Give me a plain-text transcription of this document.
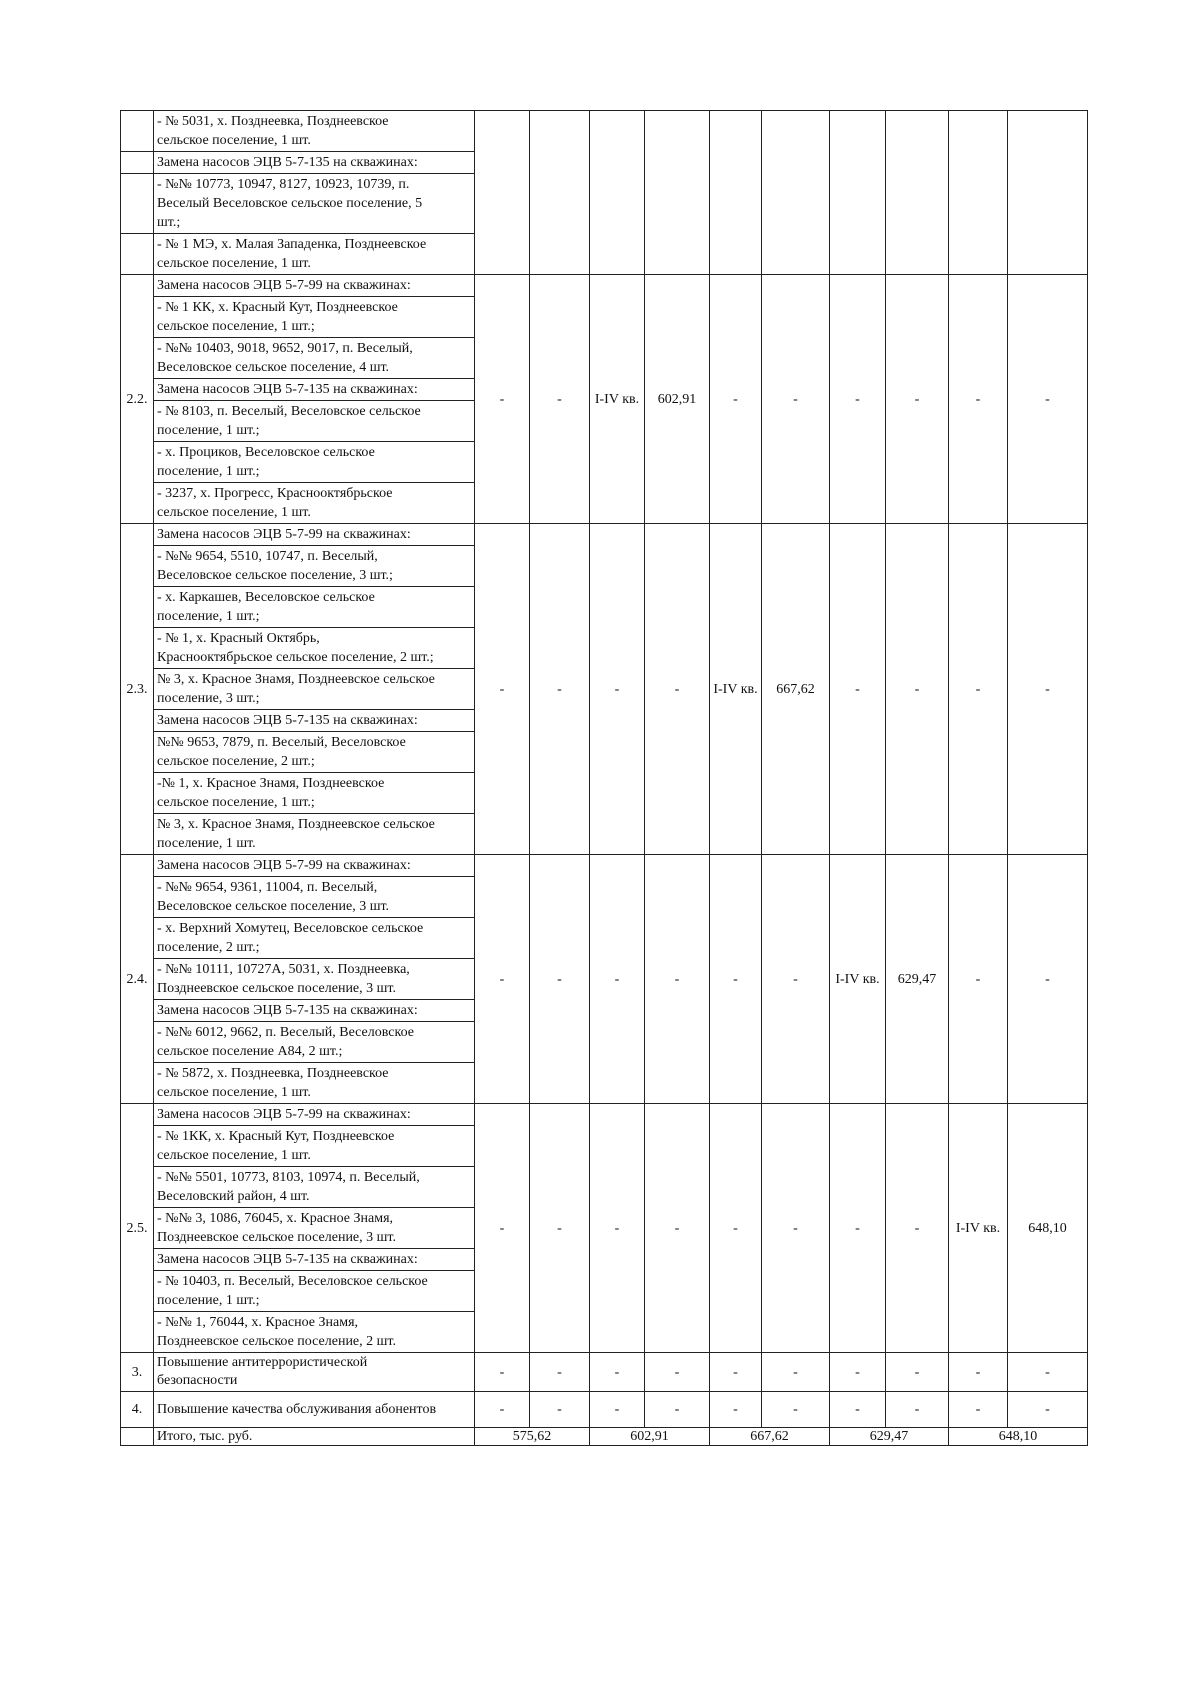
	- № 5031, х. Позднеевка, Позднеевское
сельское поселение, 1 шт.										
	Замена насосов ЭЦВ 5-7-135 на скважинах:										
	- №№ 10773, 10947, 8127, 10923, 10739, п.
Веселый Веселовское сельское поселение, 5
шт.;										
	- № 1 МЭ, х. Малая Западенка, Позднеевское
сельское поселение, 1 шт.										
2.2.	Замена насосов ЭЦВ 5-7-99 на скважинах:	-	-	I-IV кв.	602,91	-	-	-	-	-	-
	- № 1 КК, х. Красный Кут, Позднеевское
сельское поселение, 1 шт.;										
	- №№ 10403, 9018, 9652, 9017, п. Веселый,
Веселовское сельское поселение, 4 шт.										
	Замена насосов ЭЦВ 5-7-135 на скважинах:										
	- № 8103, п. Веселый, Веселовское сельское
поселение, 1 шт.;										
	- х. Проциков, Веселовское сельское
поселение, 1 шт.;										
	- 3237, х. Прогресс, Краснооктябрьское
сельское поселение, 1 шт.										
2.3.	Замена насосов ЭЦВ 5-7-99 на скважинах:	-	-	-	-	I-IV кв.	667,62	-	-	-	-
	- №№ 9654, 5510, 10747, п. Веселый,
Веселовское сельское поселение, 3 шт.;										
	- х. Каркашев, Веселовское сельское
поселение, 1 шт.;										
	- № 1, х. Красный Октябрь,
Краснооктябрьское сельское поселение, 2 шт.;										
	№ 3, х. Красное Знамя, Позднеевское сельское
поселение, 3 шт.;										
	Замена насосов ЭЦВ 5-7-135 на скважинах:										
	№№ 9653, 7879, п. Веселый, Веселовское
сельское поселение, 2 шт.;										
	-№ 1, х. Красное Знамя, Позднеевское
сельское поселение, 1 шт.;										
	№ 3, х. Красное Знамя, Позднеевское сельское
поселение, 1 шт.										
2.4.	Замена насосов ЭЦВ 5-7-99 на скважинах:	-	-	-	-	-	-	I-IV кв.	629,47	-	-
	- №№ 9654, 9361, 11004, п. Веселый,
Веселовское сельское поселение, 3 шт.										
	- х. Верхний Хомутец, Веселовское сельское
поселение, 2 шт.;										
	- №№ 10111, 10727А, 5031, х. Позднеевка,
Позднеевское сельское поселение, 3 шт.										
	Замена насосов ЭЦВ 5-7-135 на скважинах:										
	- №№ 6012, 9662, п. Веселый, Веселовское
сельское поселение А84, 2 шт.;										
	- № 5872, х. Позднеевка, Позднеевское
сельское поселение, 1 шт.										
2.5.	Замена насосов ЭЦВ 5-7-99 на скважинах:	-	-	-	-	-	-	-	-	I-IV кв.	648,10
	- № 1КК, х. Красный Кут, Позднеевское
сельское поселение, 1 шт.										
	- №№ 5501, 10773, 8103, 10974, п. Веселый,
Веселовский район, 4 шт.										
	- №№ 3, 1086, 76045, х. Красное Знамя,
Позднеевское сельское поселение, 3 шт.										
	Замена насосов ЭЦВ 5-7-135 на скважинах:										
	- № 10403, п. Веселый, Веселовское сельское
поселение, 1 шт.;										
	- №№ 1, 76044, х. Красное Знамя,
Позднеевское сельское поселение, 2 шт.										
3.	Повышение антитеррористической
безопасности	-	-	-	-	-	-	-	-	-	-
4.	Повышение качества обслуживания абонентов	-	-	-	-	-	-	-	-	-	-
	Итого, тыс. руб.	575,62		602,91		667,62		629,47		648,10	
